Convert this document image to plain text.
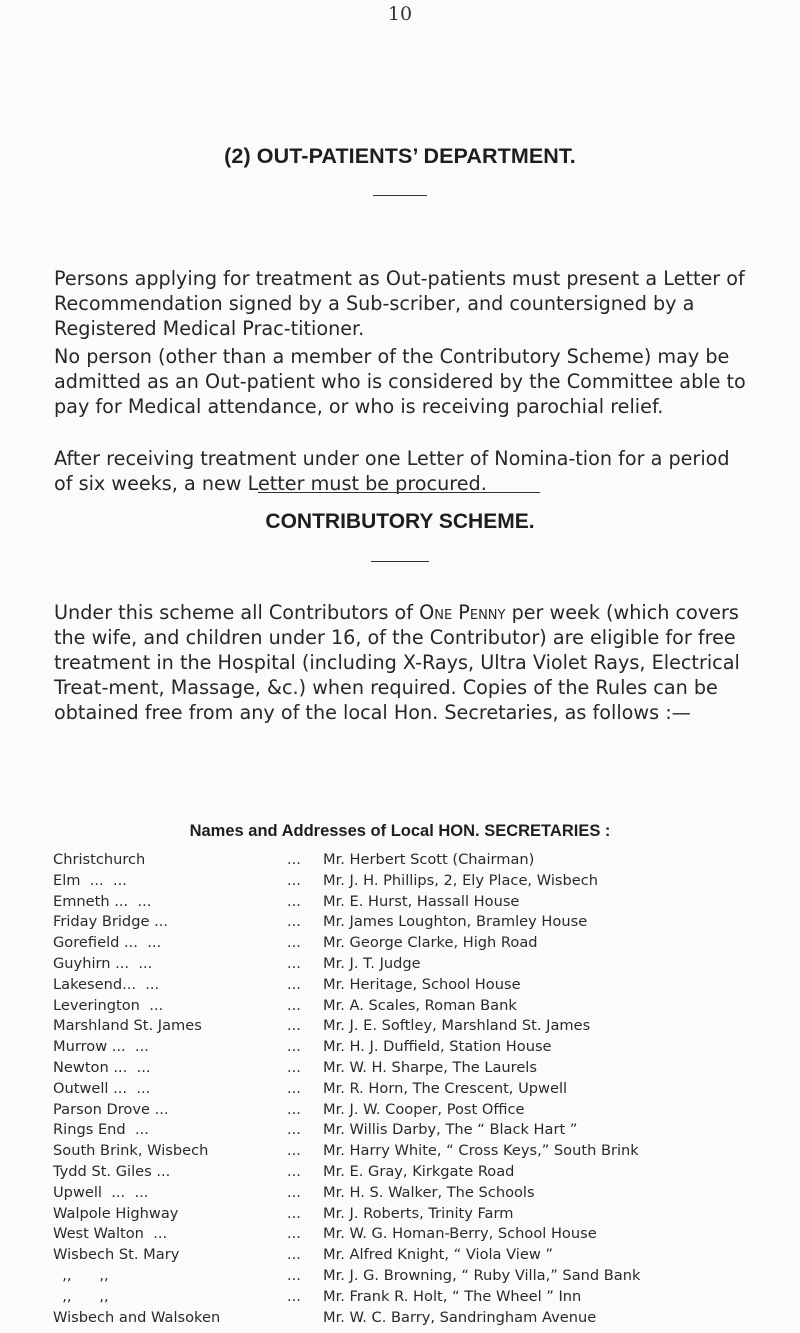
10
(2) OUT-PATIENTS’ DEPARTMENT.
Persons applying for treatment as Out-patients must present a Letter of Recommendation signed by a Sub-scriber, and countersigned by a Registered Medical Prac-titioner.
No person (other than a member of the Contributory Scheme) may be admitted as an Out-patient who is considered by the Committee able to pay for Medical attendance, or who is receiving parochial relief.
After receiving treatment under one Letter of Nomina-tion for a period of six weeks, a new Letter must be procured.
CONTRIBUTORY SCHEME.
Under this scheme all Contributors of One Penny per week (which covers the wife, and children under 16, of the Contributor) are eligible for free treatment in the Hospital (including X-Rays, Ultra Violet Rays, Electrical Treat-ment, Massage, &c.) when required. Copies of the Rules can be obtained free from any of the local Hon. Secretaries, as follows :—
Names and Addresses of Local HON. SECRETARIES :
Christchurch	... Mr. Herbert Scott (Chairman)
Elm  ...  ...	... Mr. J. H. Phillips, 2, Ely Place, Wisbech
Emneth ...  ...	... Mr. E. Hurst, Hassall House
Friday Bridge ...	... Mr. James Loughton, Bramley House
Gorefield ...  ...	... Mr. George Clarke, High Road
Guyhirn ...  ...	... Mr. J. T. Judge
Lakesend...  ...	... Mr. Heritage, School House
Leverington  ...	... Mr. A. Scales, Roman Bank
Marshland St. James	... Mr. J. E. Softley, Marshland St. James
Murrow ...  ...	... Mr. H. J. Duffield, Station House
Newton ...  ...	... Mr. W. H. Sharpe, The Laurels
Outwell ...  ...	... Mr. R. Horn, The Crescent, Upwell
Parson Drove ...	... Mr. J. W. Cooper, Post Office
Rings End  ...	... Mr. Willis Darby, The “ Black Hart ”
South Brink, Wisbech	... Mr. Harry White, “ Cross Keys,” South Brink
Tydd St. Giles ...	... Mr. E. Gray, Kirkgate Road
Upwell  ...  ...	... Mr. H. S. Walker, The Schools
Walpole Highway	... Mr. J. Roberts, Trinity Farm
West Walton  ...	... Mr. W. G. Homan-Berry, School House
Wisbech St. Mary	... Mr. Alfred Knight, “ Viola View ”
,,      ,,	... Mr. J. G. Browning, “ Ruby Villa,” Sand Bank
,,      ,,	... Mr. Frank R. Holt, “ The Wheel ” Inn
Wisbech and Walsoken	Mr. W. C. Barry, Sandringham Avenue
